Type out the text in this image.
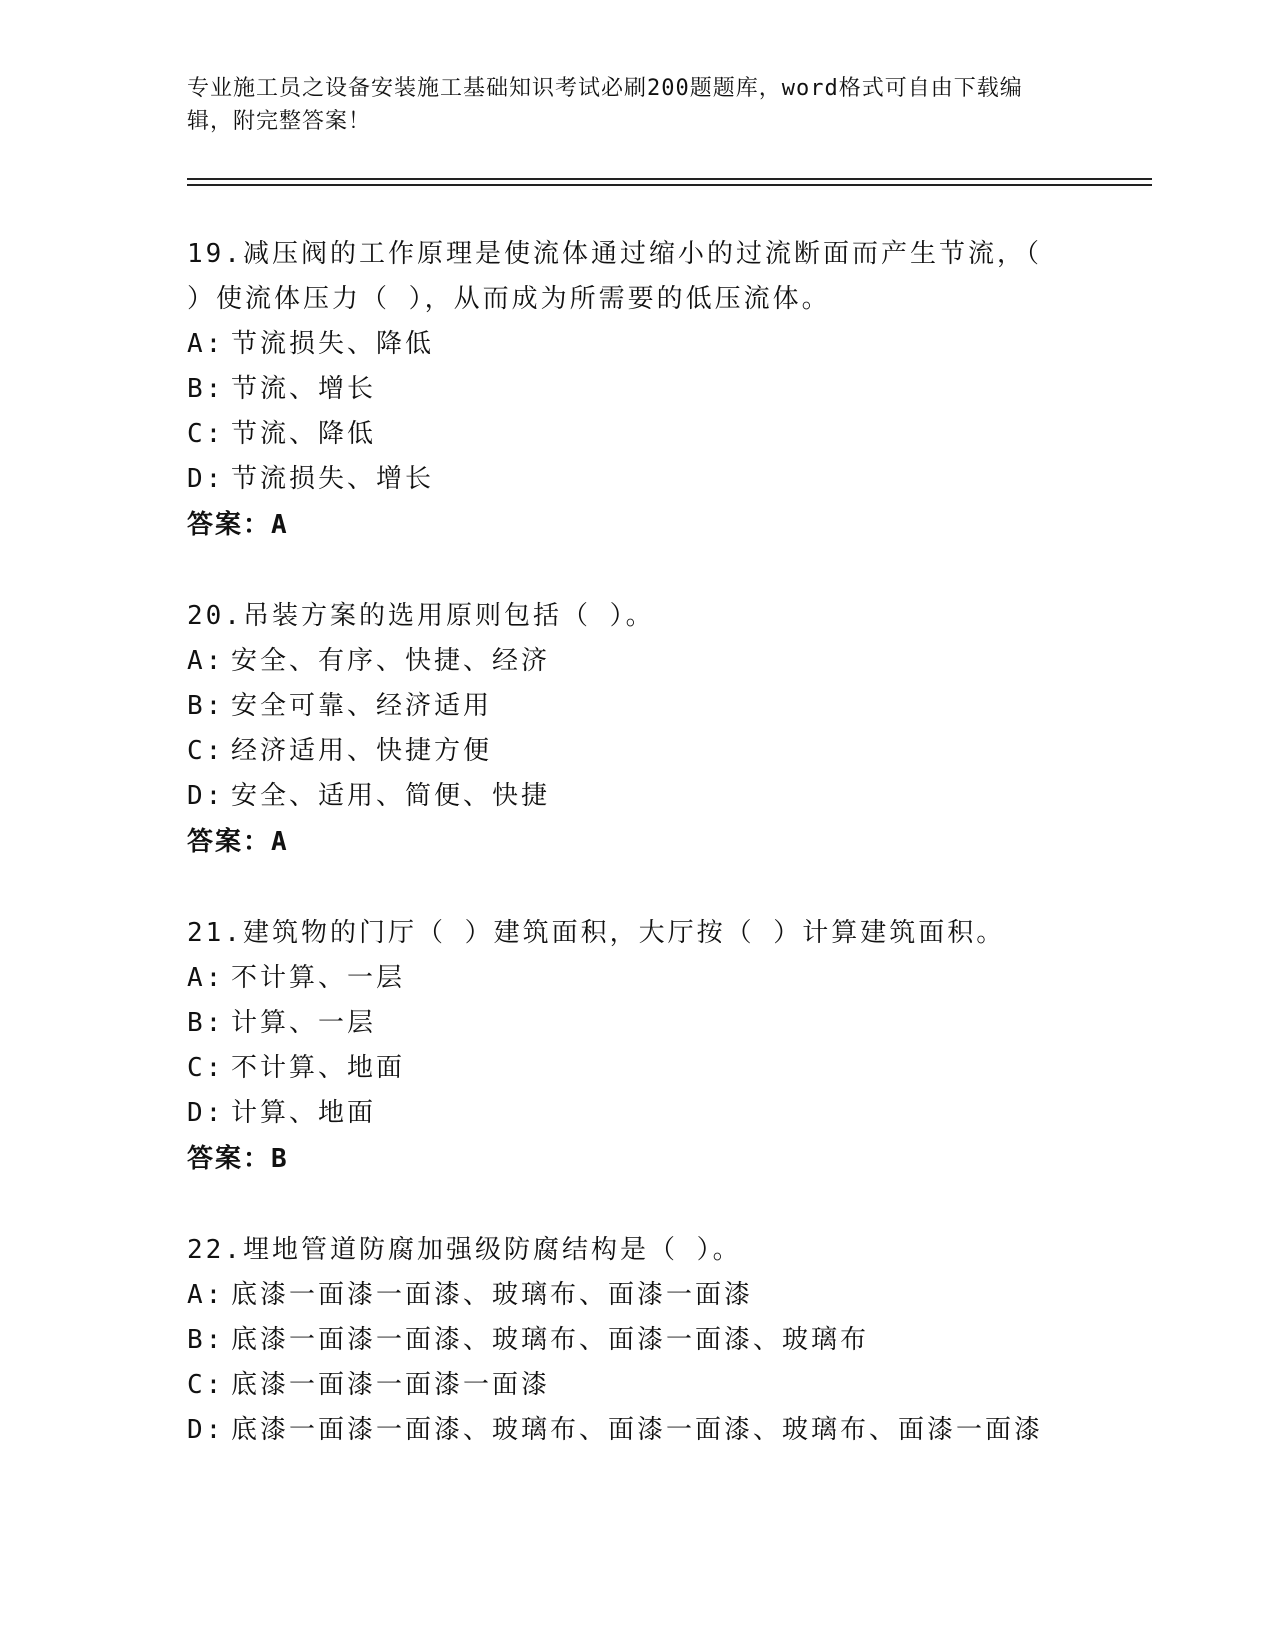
专业施工员之设备安装施工基础知识考试必刷200题题库，word格式可自由下载编辑，附完整答案！
19.减压阀的工作原理是使流体通过缩小的过流断面而产生节流，（ ）使流体压力（ ），从而成为所需要的低压流体。
A: 节流损失、降低
B: 节流、增长
C: 节流、降低
D: 节流损失、增长
答案：A
20.吊装方案的选用原则包括（ ）。
A: 安全、有序、快捷、经济
B: 安全可靠、经济适用
C: 经济适用、快捷方便
D: 安全、适用、简便、快捷
答案：A
21.建筑物的门厅（ ）建筑面积，大厅按（ ）计算建筑面积。
A: 不计算、一层
B: 计算、一层
C: 不计算、地面
D: 计算、地面
答案：B
22.埋地管道防腐加强级防腐结构是（ ）。
A: 底漆一面漆一面漆、玻璃布、面漆一面漆
B: 底漆一面漆一面漆、玻璃布、面漆一面漆、玻璃布
C: 底漆一面漆一面漆一面漆
D: 底漆一面漆一面漆、玻璃布、面漆一面漆、玻璃布、面漆一面漆
